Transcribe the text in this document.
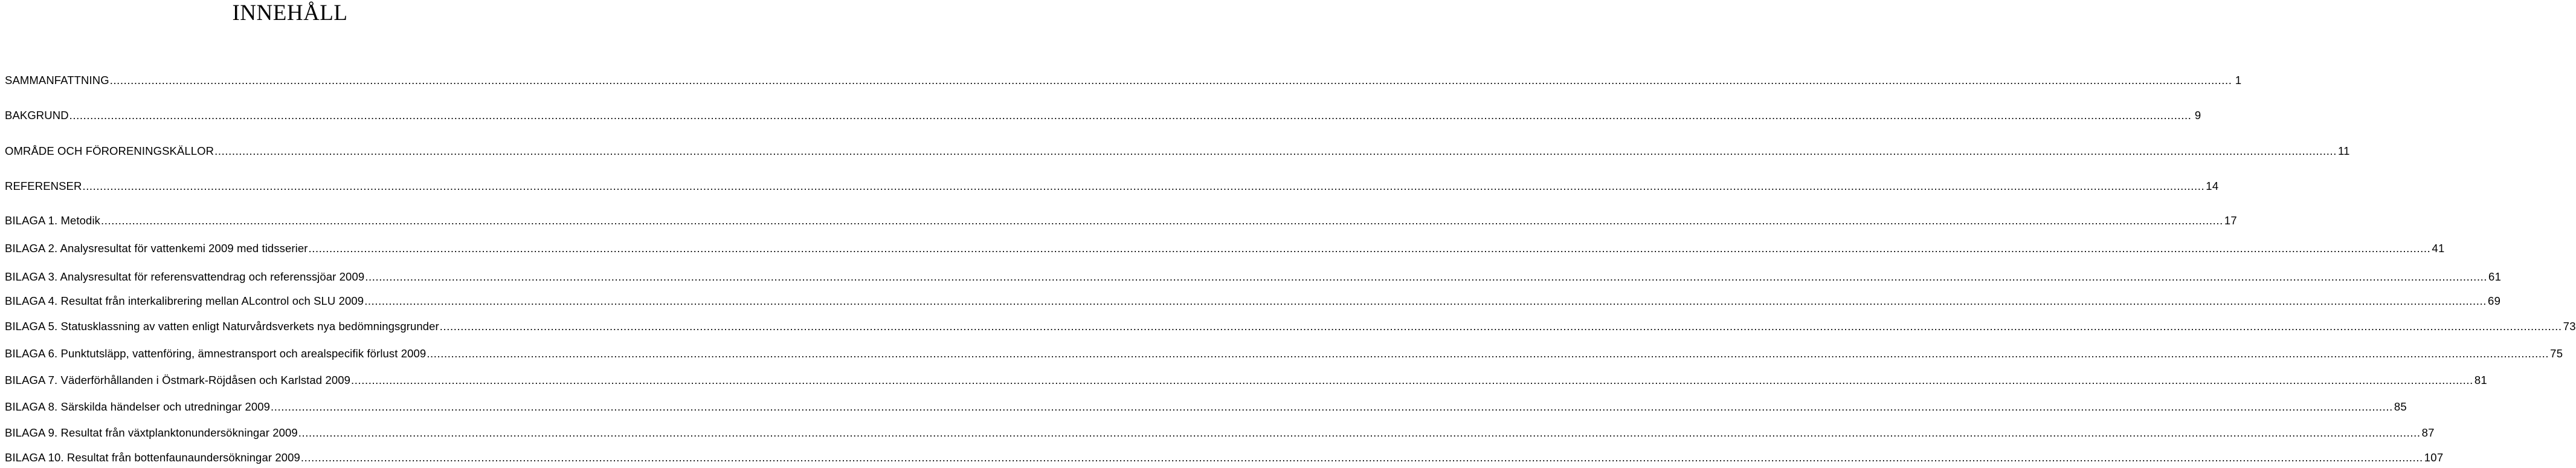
INNEHÅLL
SAMMANFATTNING .....	1
BAKGRUND .....	9
OMRÅDE OCH FÖRORENINGSKÄLLOR .....	11
REFERENSER .....	14
BILAGA 1. Metodik .....	17
BILAGA 2. Analysresultat för vattenkemi 2009 med tidsserier .....	41
BILAGA 3. Analysresultat för referensvattendrag och referenssjöar 2009 .....	61
BILAGA 4. Resultat från interkalibrering mellan ALcontrol och SLU 2009 .....	69
BILAGA 5. Statusklassning av vatten enligt Naturvårdsverkets nya bedömningsgrunder .....	73
BILAGA 6. Punktutsläpp, vattenföring, ämnestransport och arealspecifik förlust 2009 .....	75
BILAGA 7. Väderförhållanden i Östmark-Röjdåsen och Karlstad 2009 .....	81
BILAGA 8. Särskilda händelser och utredningar 2009 .....	85
BILAGA 9. Resultat från växtplanktonundersökningar 2009 .....	87
BILAGA 10. Resultat från bottenfaunaundersökningar 2009 .....	107
